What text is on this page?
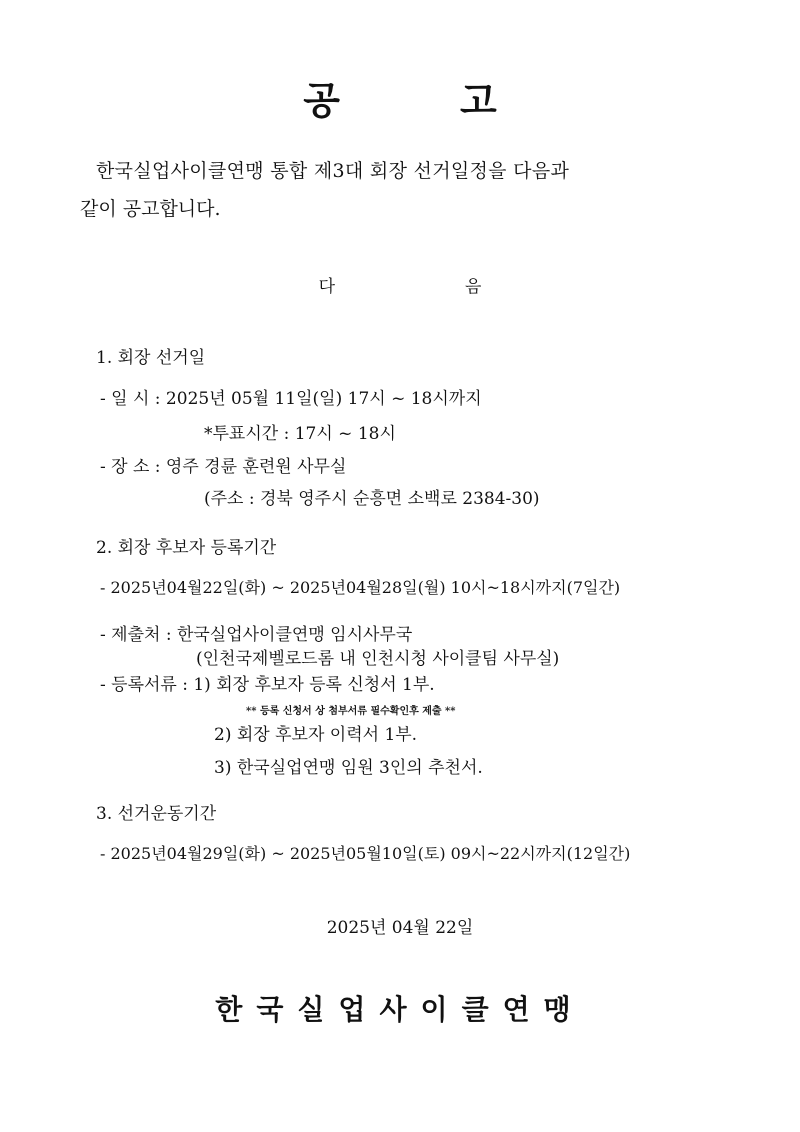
공	고
한국실업사이클연맹 통합 제3대 회장 선거일정을 다음과
같이 공고합니다.
다	음
1. 회장 선거일
- 일 시 : 2025년 05월 11일(일) 17시 ~ 18시까지
*투표시간 : 17시 ~ 18시
- 장 소 : 영주 경륜 훈련원 사무실
(주소 : 경북 영주시 순흥면 소백로 2384-30)
2. 회장 후보자 등록기간
- 2025년04월22일(화) ~ 2025년04월28일(월) 10시~18시까지(7일간)
- 제출처 : 한국실업사이클연맹 임시사무국
(인천국제벨로드롬 내 인천시청 사이클팀 사무실)
- 등록서류 : 1) 회장 후보자 등록 신청서 1부.
** 등록 신청서 상 첨부서류 필수확인후 제출 **
2) 회장 후보자 이력서 1부.
3) 한국실업연맹 임원 3인의 추천서.
3. 선거운동기간
- 2025년04월29일(화) ~ 2025년05월10일(토) 09시~22시까지(12일간)
2025년 04월 22일
한국실업사이클연맹
